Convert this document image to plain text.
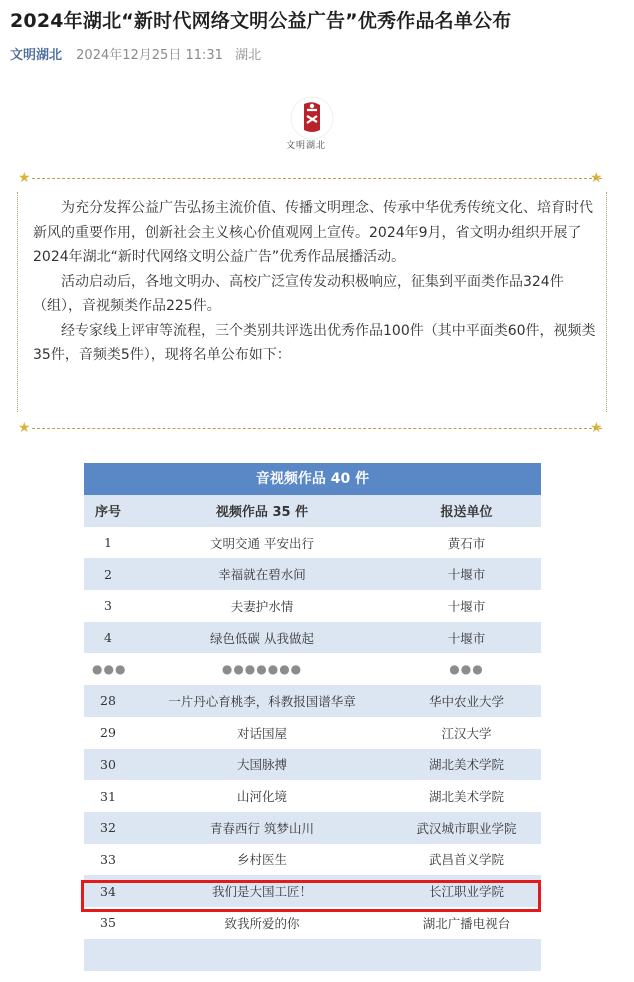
2024年湖北“新时代网络文明公益广告”优秀作品名单公布
文明湖北 2024年12月25日 11:31 湖北
文明湖北
★	★

为充分发挥公益广告弘扬主流价值、传播文明理念、传承中华优秀传统文化、培育时代新风的重要作用，创新社会主义核心价值观网上宣传。2024年9月，省文明办组织开展了2024年湖北“新时代网络文明公益广告”优秀作品展播活动。

活动启动后，各地文明办、高校广泛宣传发动积极响应，征集到平面类作品324件（组），音视频类作品225件。

经专家线上评审等流程，三个类别共评选出优秀作品100件（其中平面类60件，视频类35件，音频类5件），现将名单公布如下：

★	★
音视频作品 40 件
序号	视频作品 35 件	报送单位
1	文明交通 平安出行	黄石市
2	幸福就在碧水间	十堰市
3	夫妻护水情	十堰市
4	绿色低碳 从我做起	十堰市
●●●	●●●●●●●	●●●
28	一片丹心育桃李，科教报国谱华章	华中农业大学
29	对话国屋	江汉大学
30	大国脉搏	湖北美术学院
31	山河化境	湖北美术学院
32	青春西行 筑梦山川	武汉城市职业学院
33	乡村医生	武昌首义学院
34	我们是大国工匠！	长江职业学院
35	致我所爱的你	湖北广播电视台
